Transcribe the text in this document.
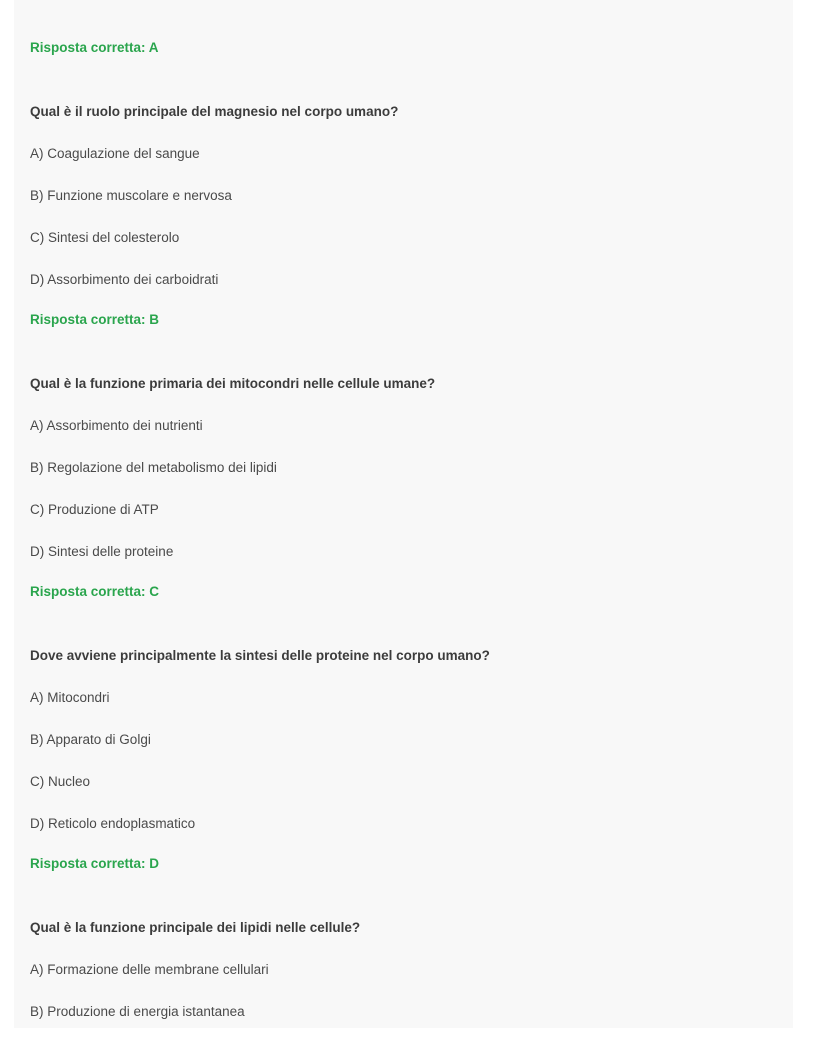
Risposta corretta: A
Qual è il ruolo principale del magnesio nel corpo umano?
A) Coagulazione del sangue
B) Funzione muscolare e nervosa
C) Sintesi del colesterolo
D) Assorbimento dei carboidrati
Risposta corretta: B
Qual è la funzione primaria dei mitocondri nelle cellule umane?
A) Assorbimento dei nutrienti
B) Regolazione del metabolismo dei lipidi
C) Produzione di ATP
D) Sintesi delle proteine
Risposta corretta: C
Dove avviene principalmente la sintesi delle proteine nel corpo umano?
A) Mitocondri
B) Apparato di Golgi
C) Nucleo
D) Reticolo endoplasmatico
Risposta corretta: D
Qual è la funzione principale dei lipidi nelle cellule?
A) Formazione delle membrane cellulari
B) Produzione di energia istantanea
